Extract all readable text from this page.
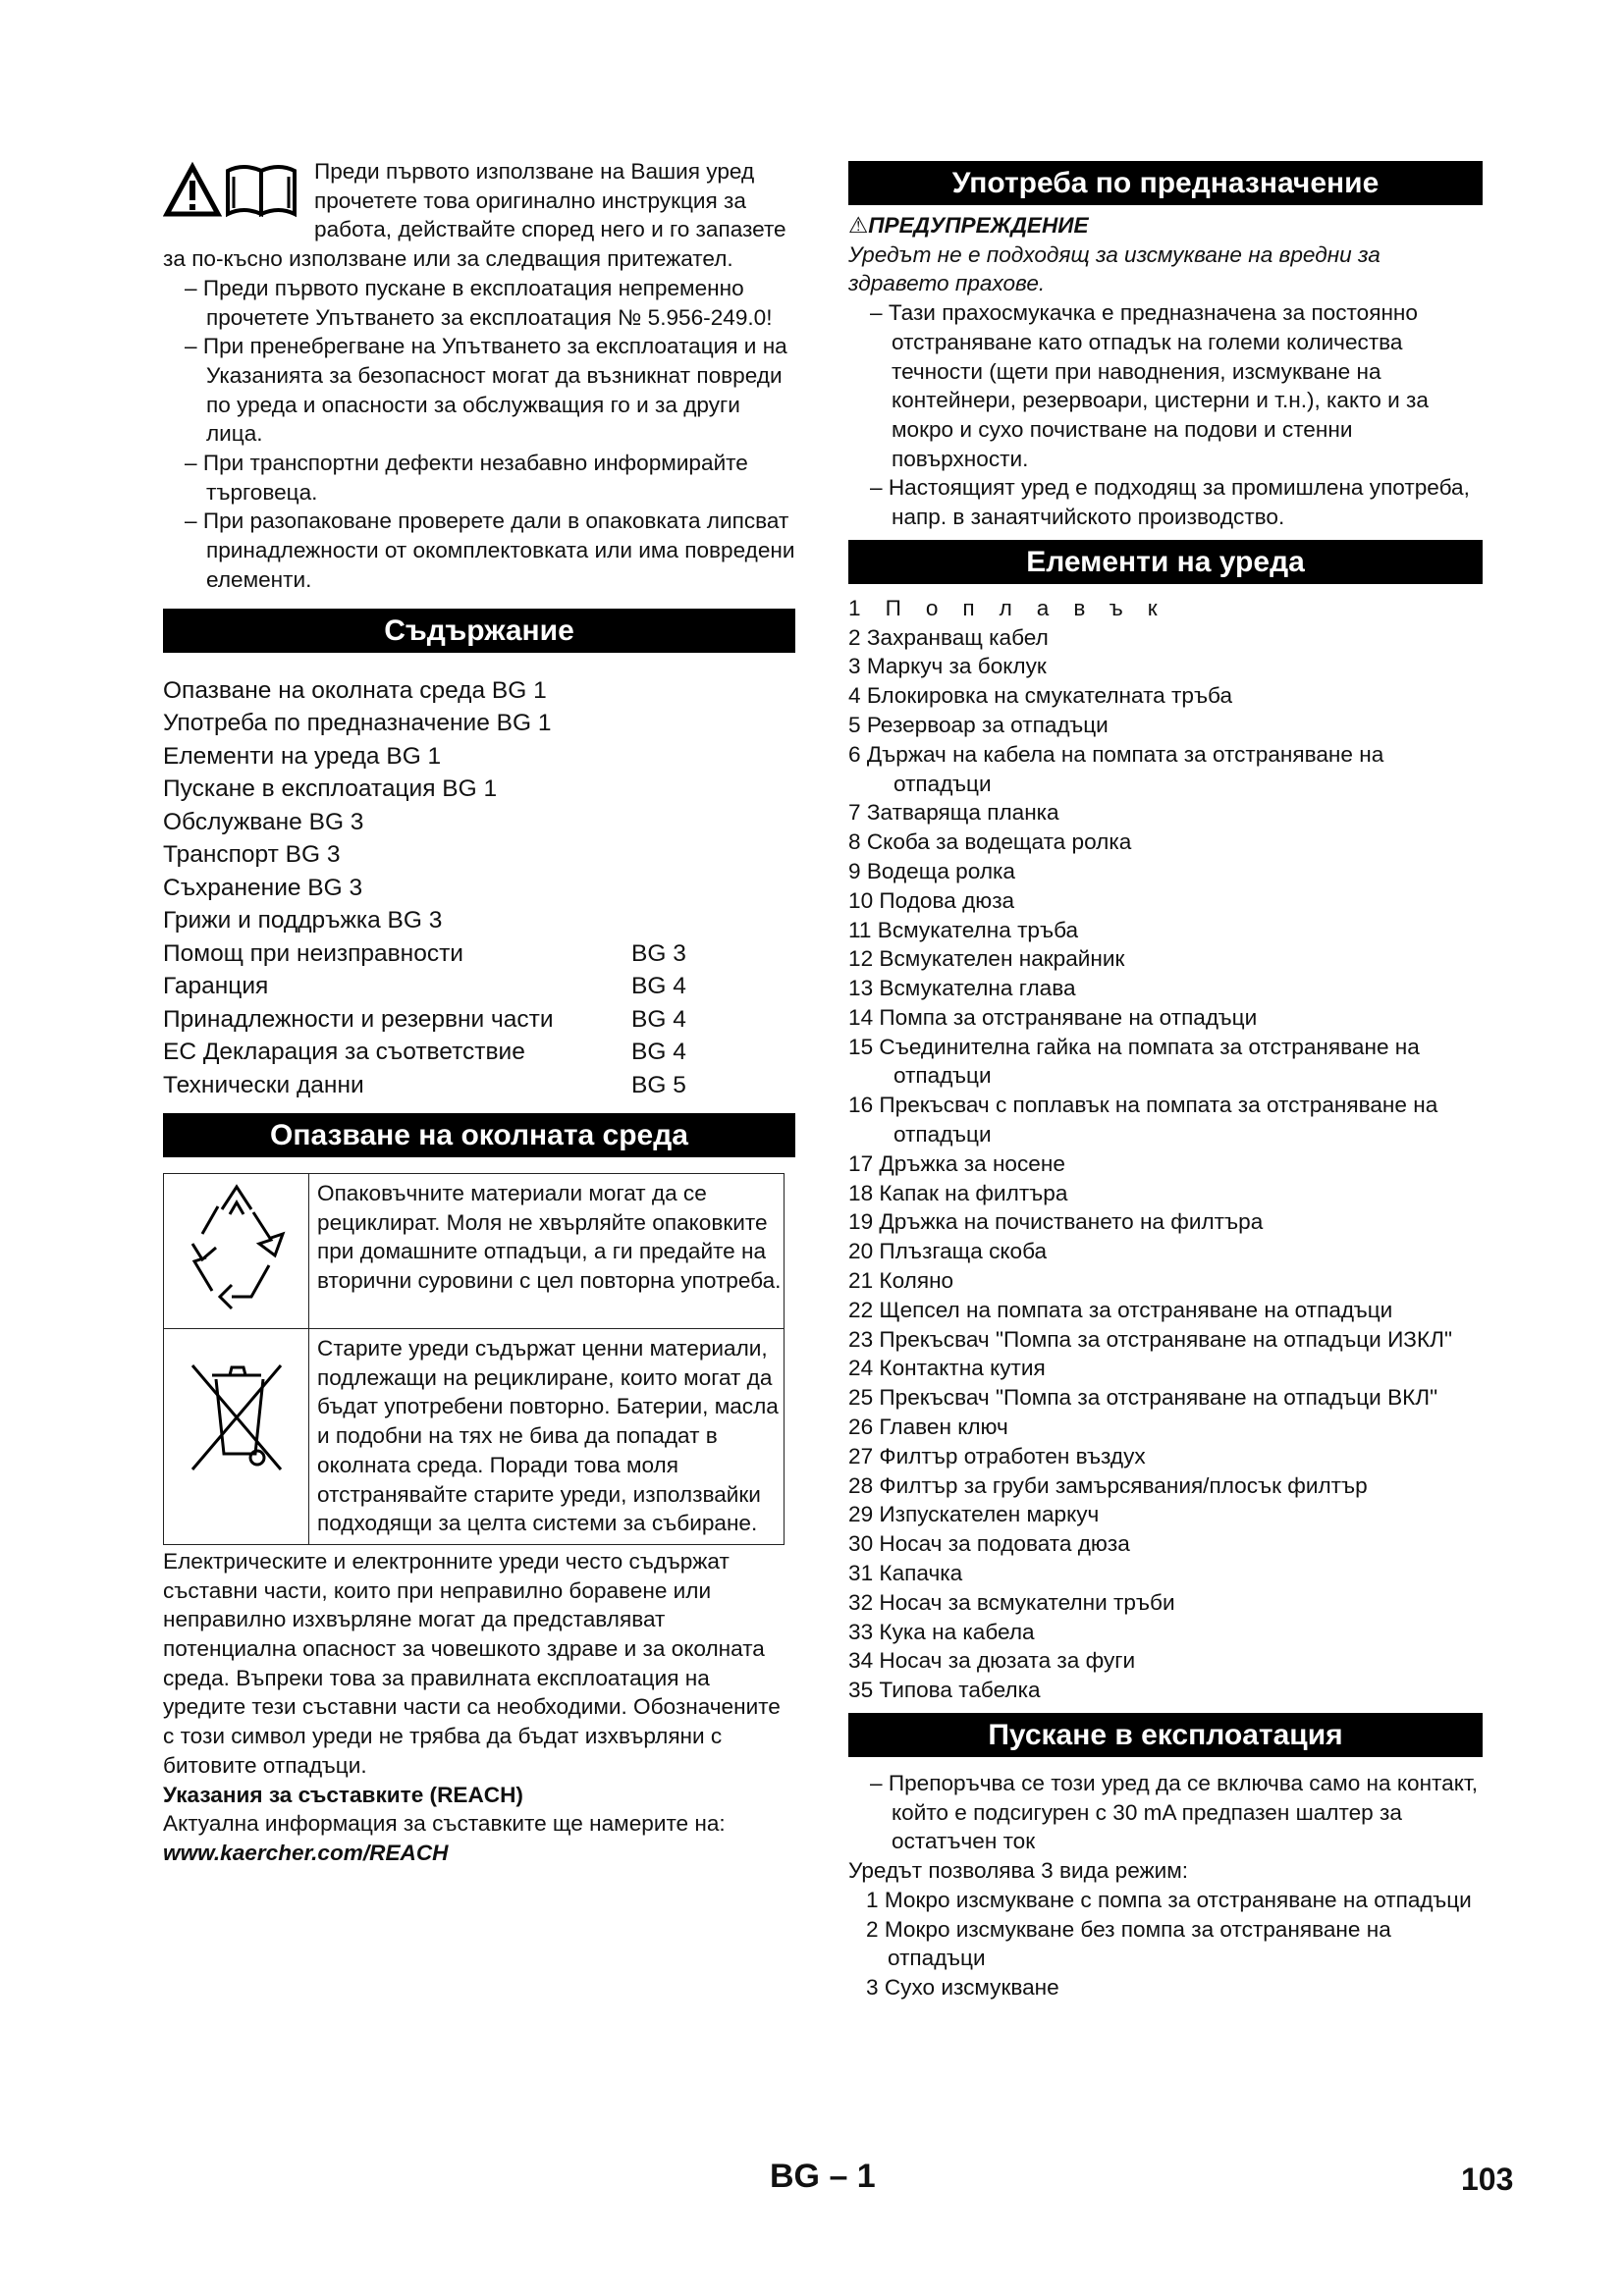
Преди първото използване на Вашия уред прочетете това оригинално инструкция за работа, действайте според него и го запазете за по-късно използване или за следващия притежател.
– Преди първото пускане в експлоатация непременно прочетете Упътването за експлоатация № 5.956-249.0!
– При пренебрегване на Упътването за експлоатация и на Указанията за безопасност могат да възникнат повреди по уреда и опасности за обслужващия го и за други лица.
– При транспортни дефекти незабавно информирайте търговеца.
– При разопаковане проверете дали в опаковката липсват принадлежности от окомплектовката или има повредени елементи.
Съдържание
Опазване на околната среда BG 1
Употреба по предназначение BG 1
Елементи на уреда BG 1
Пускане в експлоатация BG 1
Обслужване BG 3
Транспорт BG 3
Съхранение BG 3
Грижи и поддръжка BG 3
Помощ при неизправности	BG 3
Гаранция	BG 4
Принадлежности и резервни части	BG 4
ЕС Декларация за съответствие	BG 4
Технически данни	BG 5
Опазване на околната среда
	Опаковъчните материали могат да се рециклират. Моля не хвърляйте опаковките при домашните отпадъци, а ги предайте на вторични суровини с цел повторна употреба.
	Старите уреди съдържат ценни материали, подлежащи на рециклиране, които могат да бъдат употребени повторно. Батерии, масла и подобни на тях не бива да попадат в околната среда. Поради това моля отстранявайте старите уреди, използвайки подходящи за целта системи за събиране.
Електрическите и електронните уреди често съдържат съставни части, които при неправилно боравене или неправилно изхвърляне могат да представляват потенциална опасност за човешкото здраве и за околната среда. Въпреки това за правилната експлоатация на уредите тези съставни части са необходими. Обозначените с този символ уреди не трябва да бъдат изхвърляни с битовите отпадъци.
Указания за съставките (REACH)
Актуална информация за съставките ще намерите на:
www.kaercher.com/REACH
Употреба по предназначение
⚠ПРЕДУПРЕЖДЕНИЕ
Уредът не е подходящ за изсмукване на вредни за здравето прахове.
– Тази прахосмукачка е предназначена за постоянно отстраняване като отпадък на големи количества течности (щети при наводнения, изсмукване на контейнери, резервоари, цистерни и т.н.), както и за мокро и сухо почистване на подови и стенни повърхности.
– Настоящият уред е подходящ за промишлена употреба, напр. в занаятчийското производство.
Елементи на уреда
1Поплавък
2 Захранващ кабел
3 Маркуч за боклук
4 Блокировка на смукателната тръба
5 Резервоар за отпадъци
6 Държач на кабела на помпата за отстраняване на отпадъци
7 Затваряща планка
8 Скоба за водещата ролка
9 Водеща ролка
10 Подова дюза
11 Всмукателна тръба
12 Всмукателен накрайник
13 Всмукателна глава
14 Помпа за отстраняване на отпадъци
15 Съединителна гайка на помпата за отстраняване на отпадъци
16 Прекъсвач с поплавък на помпата за отстраняване на отпадъци
17 Дръжка за носене
18 Капак на филтъра
19 Дръжка на почистването на филтъра
20 Плъзгаща скоба
21 Коляно
22 Щепсел на помпата за отстраняване на отпадъци
23 Прекъсвач "Помпа за отстраняване на отпадъци ИЗКЛ"
24 Контактна кутия
25 Прекъсвач "Помпа за отстраняване на отпадъци ВКЛ"
26 Главен ключ
27 Филтър отработен въздух
28 Филтър за груби замърсявания/плосък филтър
29 Изпускателен маркуч
30 Носач за подовата дюза
31 Капачка
32 Носач за всмукателни тръби
33 Кука на кабела
34 Носач за дюзата за фуги
35 Типова табелка
Пускане в експлоатация
– Препоръчва се този уред да се включва само на контакт, който е подсигурен с 30 mA предпазен шалтер за остатъчен ток
Уредът позволява 3 вида режим:
1 Мокро изсмукване с помпа за отстраняване на отпадъци
2 Мокро изсмукване без помпа за отстраняване на отпадъци
3 Сухо изсмукване
BG – 1	103
